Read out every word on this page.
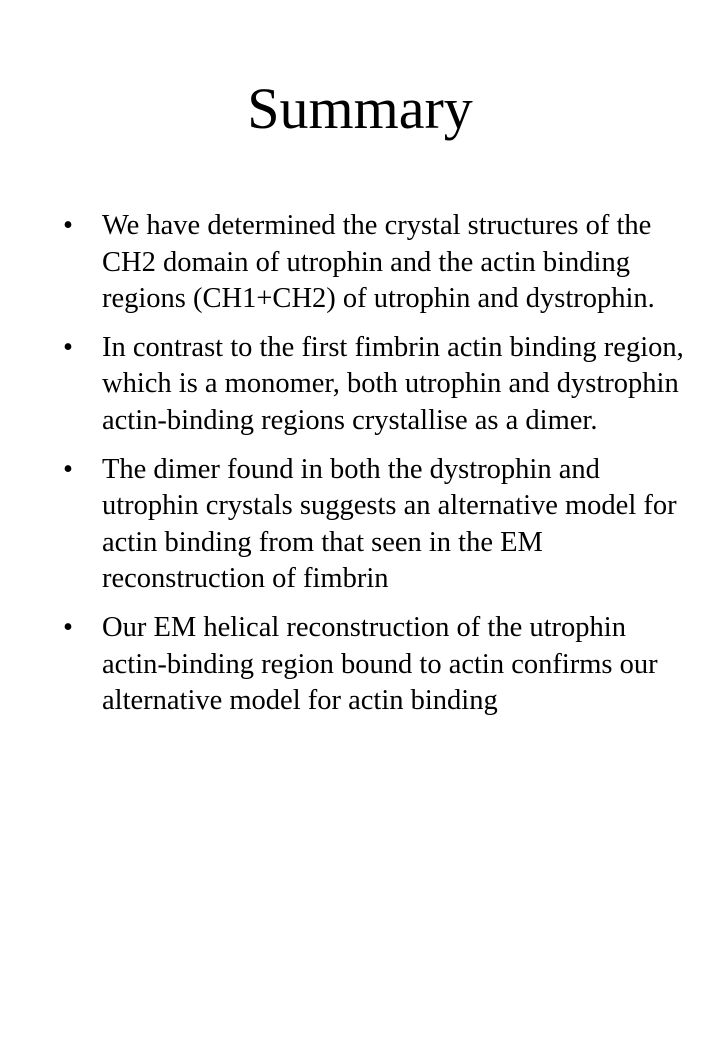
Summary
•	We have determined the crystal structures of the CH2 domain of utrophin and the actin binding regions (CH1+CH2) of utrophin and dystrophin.
•	In contrast to the first fimbrin actin binding region, which is a monomer, both utrophin and dystrophin actin-binding regions crystallise as a dimer.
•	The dimer found in both the dystrophin and utrophin crystals suggests an alternative model for actin binding from that seen in the EM reconstruction of fimbrin
•	Our EM helical reconstruction of the utrophin actin-binding region bound to actin confirms our alternative model for actin binding
